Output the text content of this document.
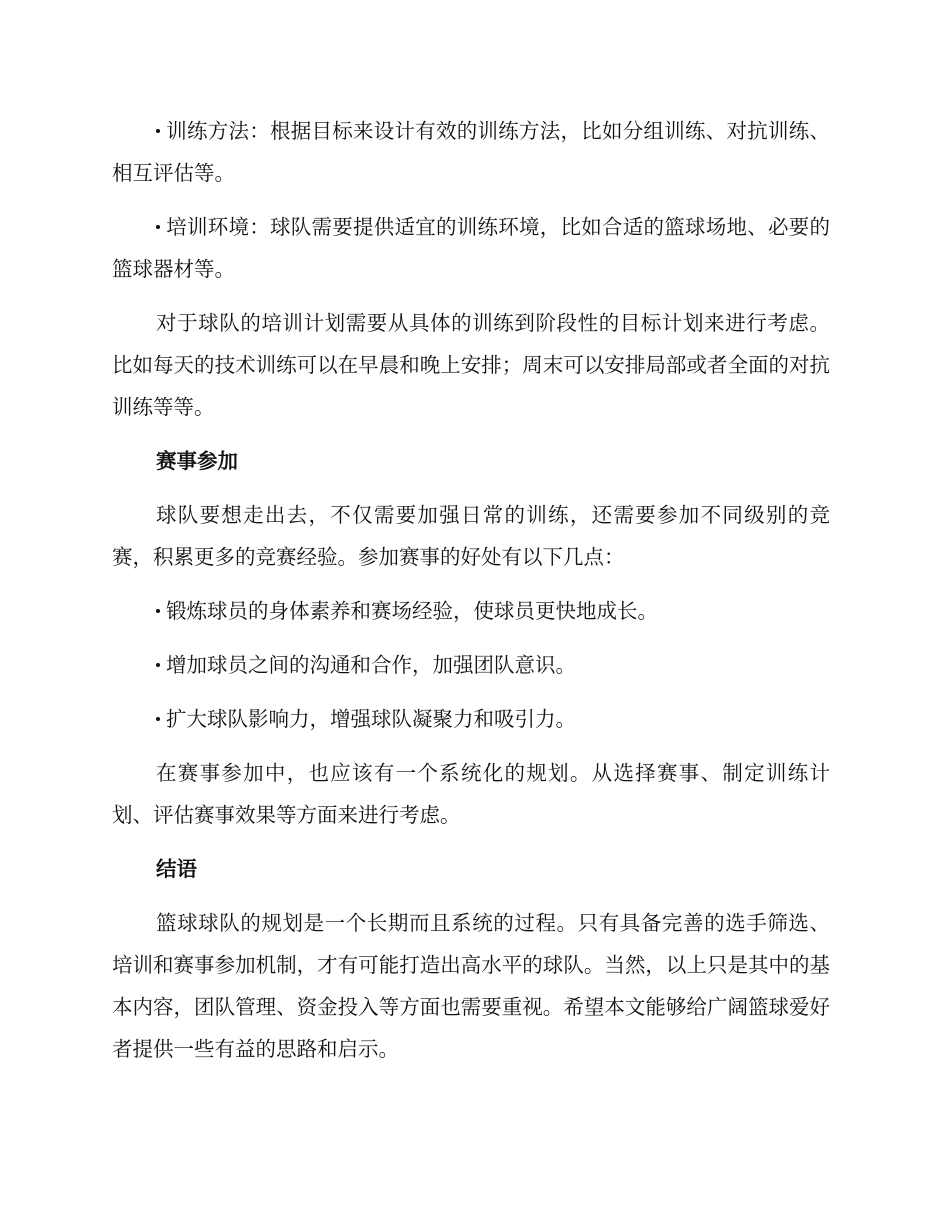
训练方法：根据目标来设计有效的训练方法，比如分组训练、对抗训练、相互评估等。

培训环境：球队需要提供适宜的训练环境，比如合适的篮球场地、必要的篮球器材等。

对于球队的培训计划需要从具体的训练到阶段性的目标计划来进行考虑。比如每天的技术训练可以在早晨和晚上安排；周末可以安排局部或者全面的对抗训练等等。

赛事参加

球队要想走出去，不仅需要加强日常的训练，还需要参加不同级别的竞赛，积累更多的竞赛经验。参加赛事的好处有以下几点：

锻炼球员的身体素养和赛场经验，使球员更快地成长。

增加球员之间的沟通和合作，加强团队意识。

扩大球队影响力，增强球队凝聚力和吸引力。

在赛事参加中，也应该有一个系统化的规划。从选择赛事、制定训练计划、评估赛事效果等方面来进行考虑。

结语

篮球球队的规划是一个长期而且系统的过程。只有具备完善的选手筛选、培训和赛事参加机制，才有可能打造出高水平的球队。当然，以上只是其中的基本内容，团队管理、资金投入等方面也需要重视。希望本文能够给广阔篮球爱好者提供一些有益的思路和启示。
